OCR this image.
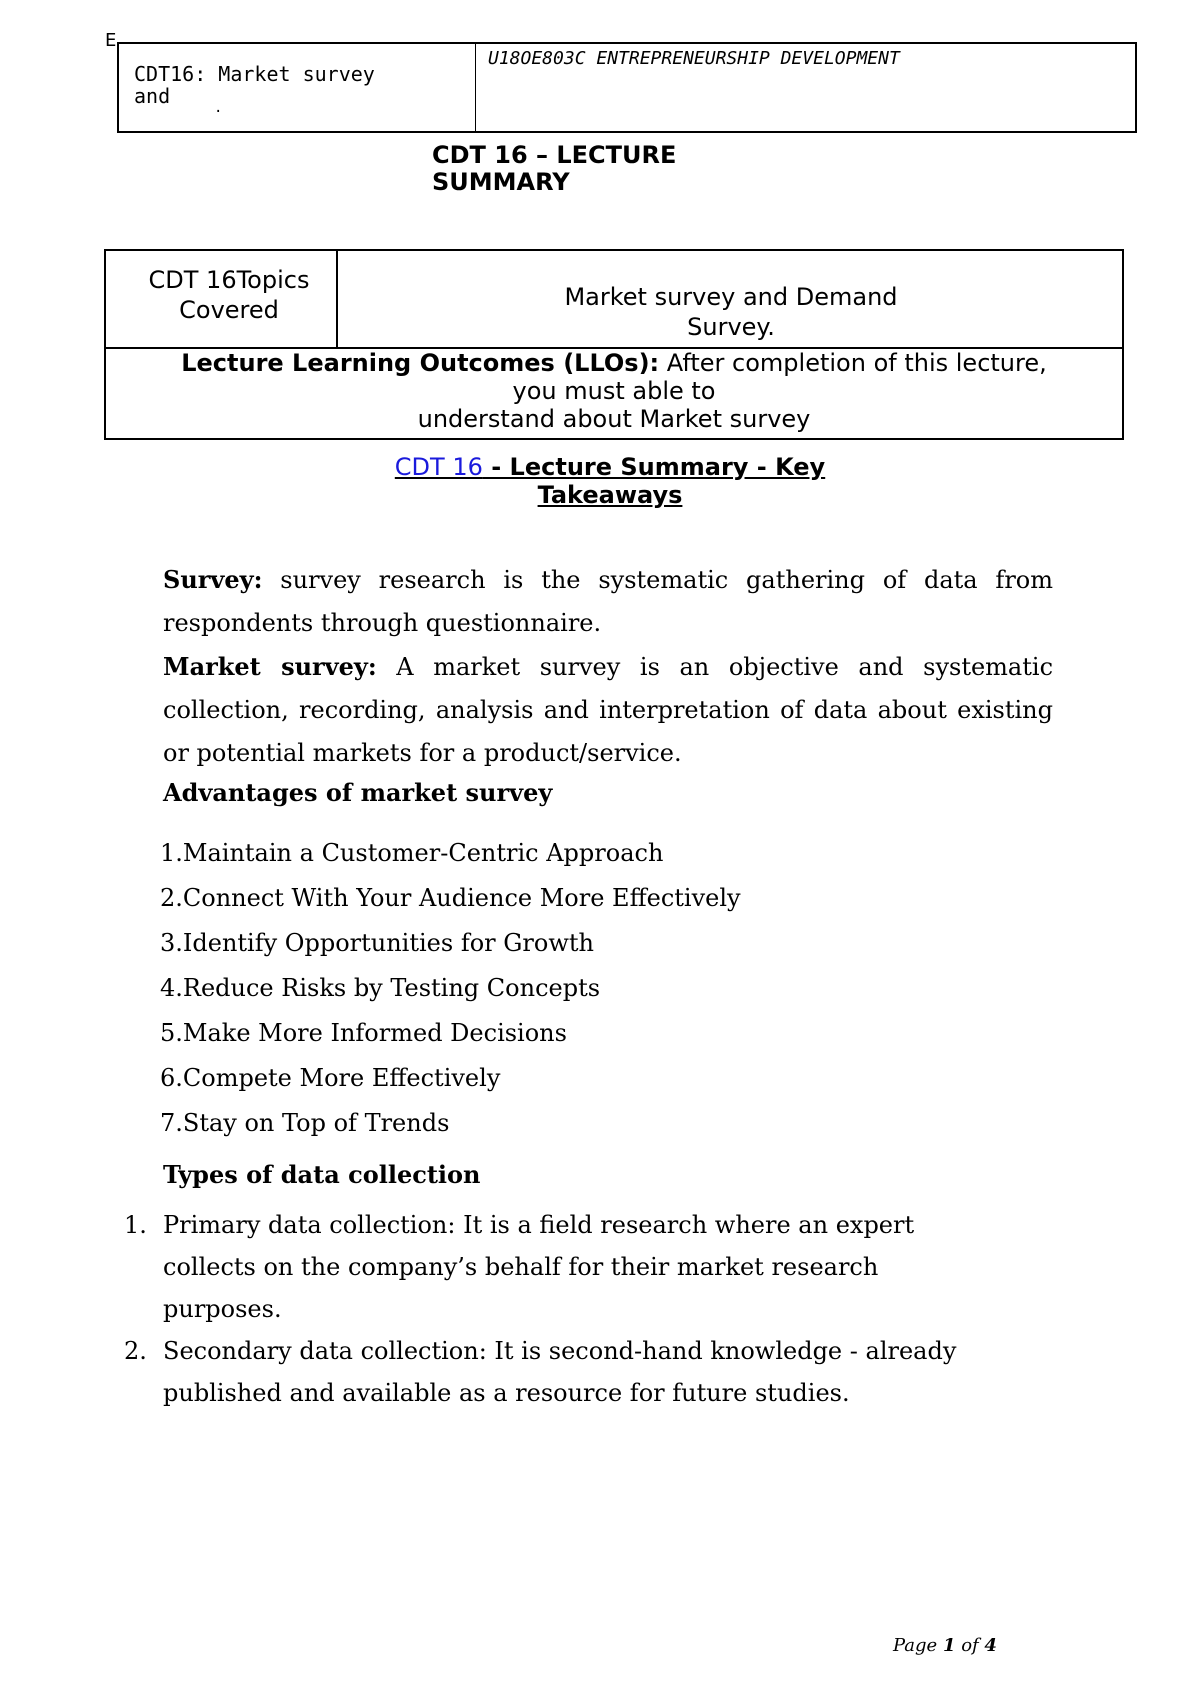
E
CDT16: Market survey
and	.
U18OE803C ENTREPRENEURSHIP DEVELOPMENT
CDT 16 – LECTURE
SUMMARY
CDT 16Topics
Covered	Market survey and Demand
Survey.
Lecture Learning Outcomes (LLOs): After completion of this lecture,
you must able to
understand about Market survey
CDT 16 - Lecture Summary - Key
Takeaways
Survey: survey research is the systematic gathering of data from
respondents through questionnaire.
Market survey: A market survey is an objective and systematic
collection, recording, analysis and interpretation of data about existing
or potential markets for a product/service.
Advantages of market survey
1.Maintain a Customer-Centric Approach
2.Connect With Your Audience More Effectively
3.Identify Opportunities for Growth
4.Reduce Risks by Testing Concepts
5.Make More Informed Decisions
6.Compete More Effectively
7.Stay on Top of Trends
Types of data collection
1. Primary data collection: It is a field research where an expert
collects on the company’s behalf for their market research
purposes.
2. Secondary data collection: It is second-hand knowledge - already
published and available as a resource for future studies.
Page 1 of 4
